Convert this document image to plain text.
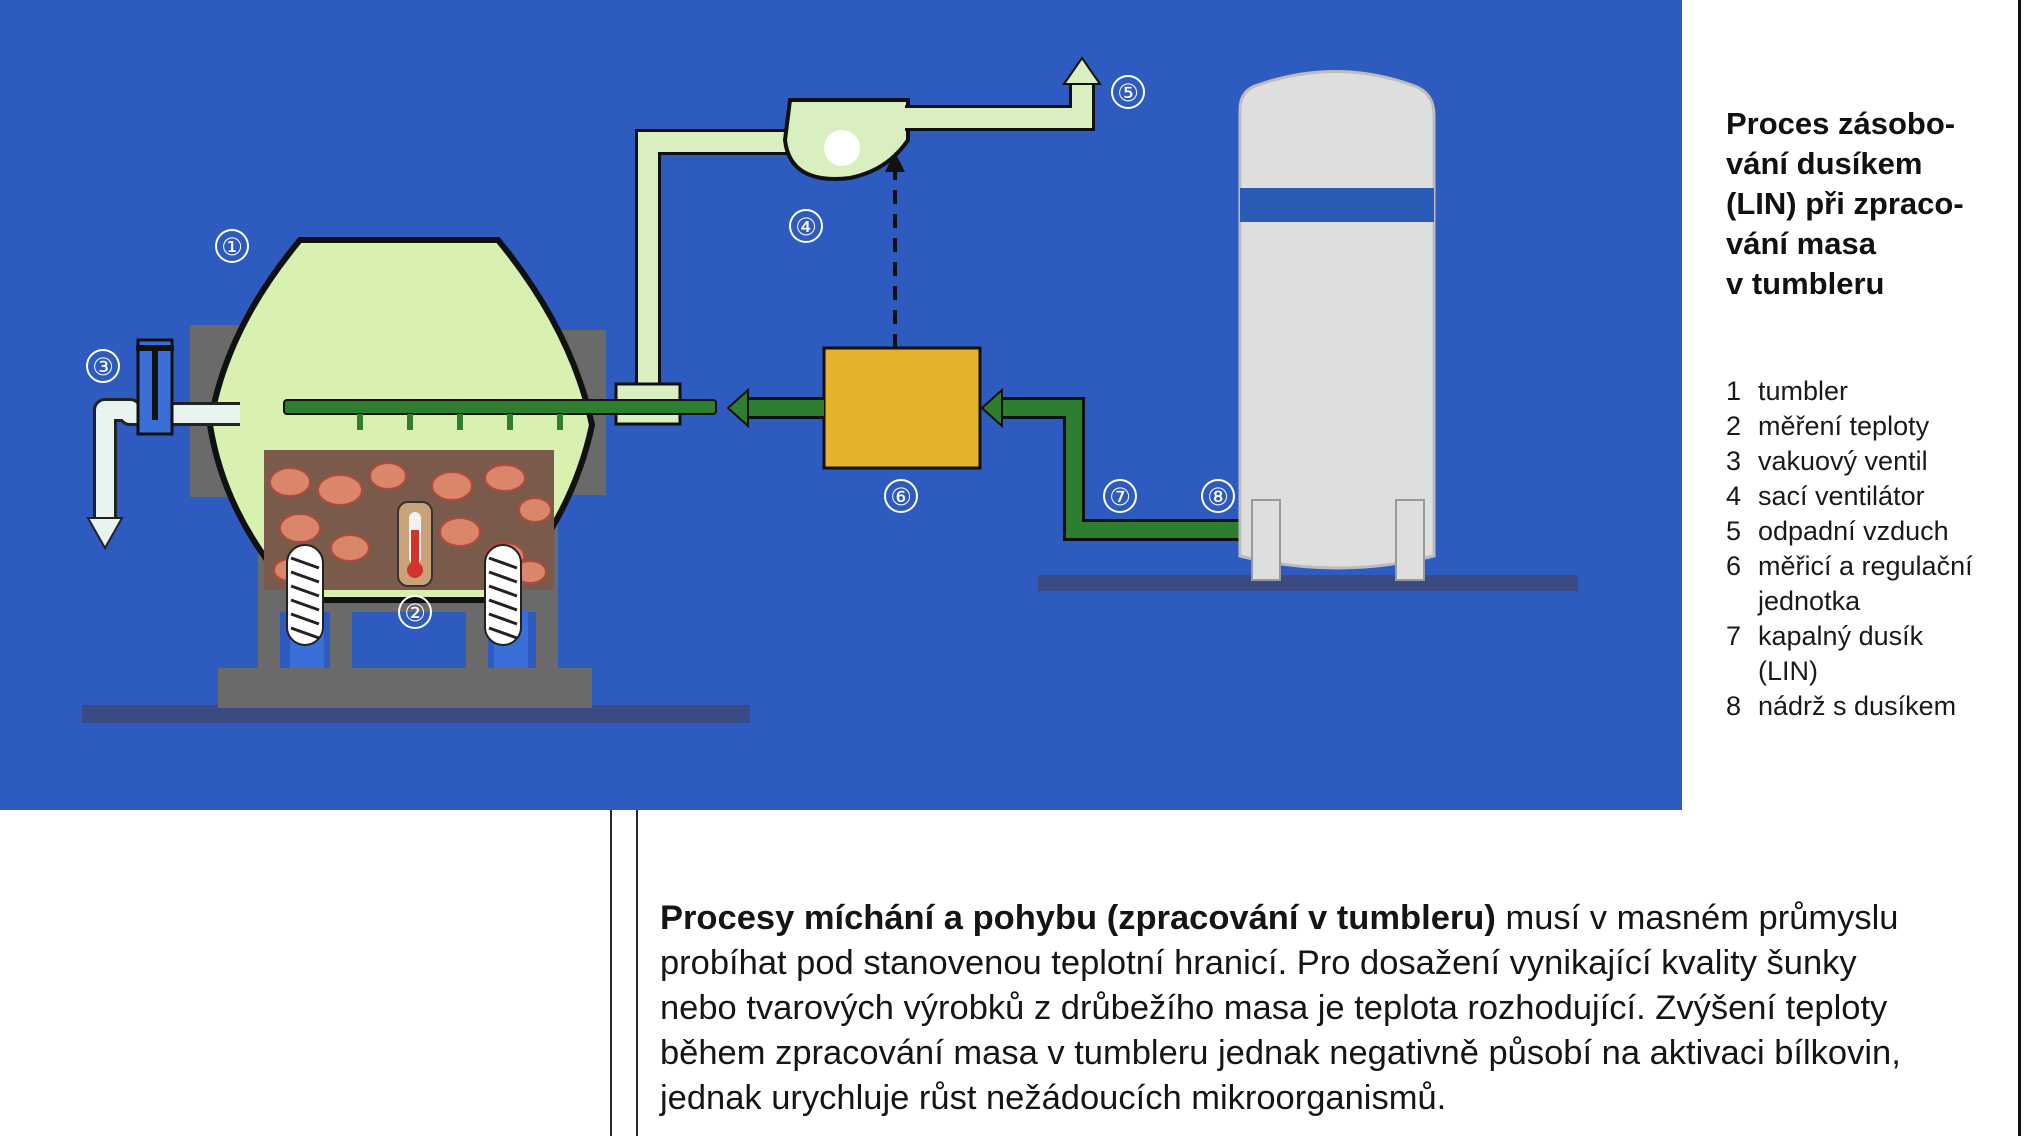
①
②
③
④
⑤
⑥	⑦	⑧
Proces zásobo-
vání dusíkem
(LIN) při zpraco-
vání masa
v tumbleru
1 tumbler
2 měření teploty
3 vakuový ventil
4 sací ventilátor
5 odpadní vzduch
6 měřicí a regulační
jednotka
7 kapalný dusík
(LIN)
8 nádrž s dusíkem
Procesy míchání a pohybu (zpracování v tumbleru) musí v masném průmyslu
probíhat pod stanovenou teplotní hranicí. Pro dosažení vynikající kvality šunky
nebo tvarových výrobků z drůbežího masa je teplota rozhodující. Zvýšení teploty
během zpracování masa v tumbleru jednak negativně působí na aktivaci bílkovin,
jednak urychluje růst nežádoucích mikroorganismů.
